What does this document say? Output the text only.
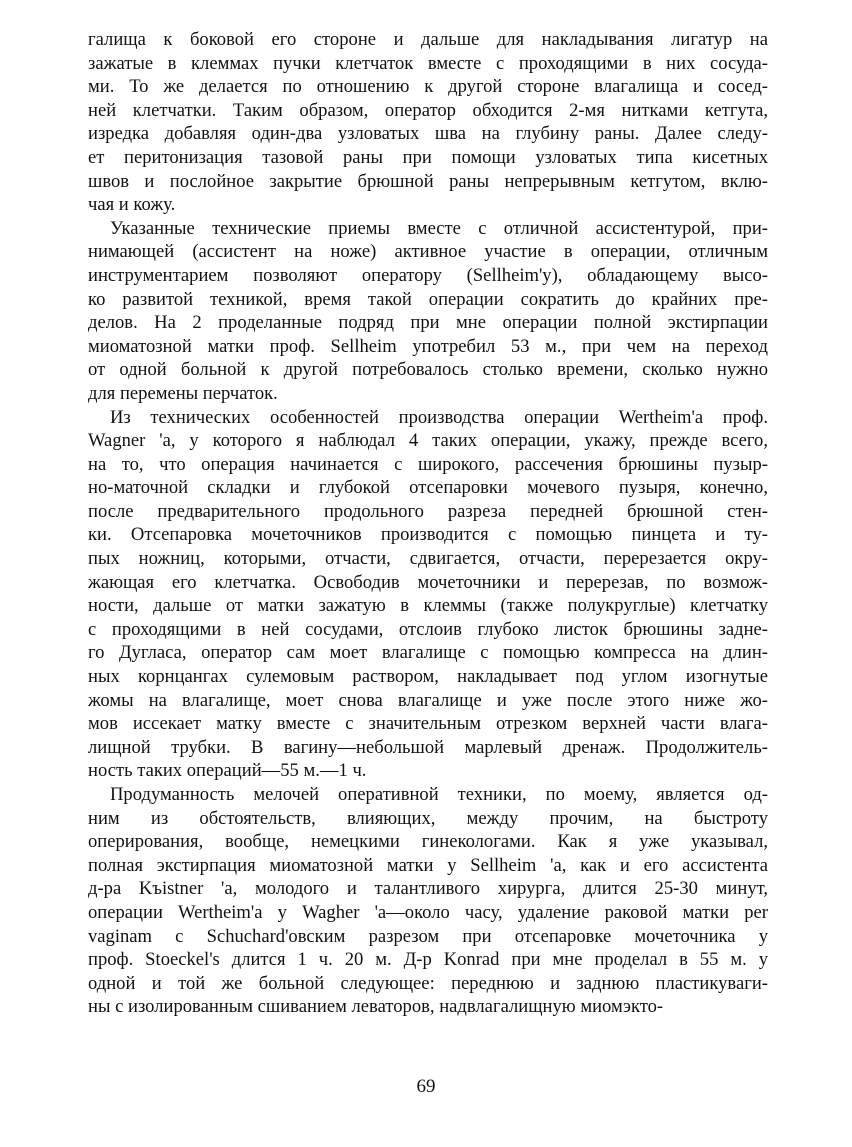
галища к боковой его стороне и дальше для накладывания лигатур на
зажатые в клеммах пучки клетчаток вместе с проходящими в них сосуда-
ми. То же делается по отношению к другой стороне влагалища и сосед-
ней клетчатки. Таким образом, оператор обходится 2-мя нитками кетгута,
изредка добавляя один-два узловатых шва на глубину раны. Далее следу-
ет перитонизация тазовой раны при помощи узловатых типа кисетных
швов и послойное закрытие брюшной раны непрерывным кетгутом, вклю-
чая и кожу.
Указанные технические приемы вместе с отличной ассистентурой, при-
нимающей (ассистент на ноже) активное участие в операции, отличным
инструментарием позволяют оператору (Sellheim'y), обладающему высо-
ко развитой техникой, время такой операции сократить до крайних пре-
делов. На 2 проделанные подряд при мне операции полной экстирпации
миоматозной матки проф. Sellheim употребил 53 м., при чем на переход
от одной больной к другой потребовалось столько времени, сколько нужно
для перемены перчаток.
Из технических особенностей производства операции Wertheim'a проф.
Wagner 'a, у которого я наблюдал 4 таких операции, укажу, прежде всего,
на то, что операция начинается с широкого, рассечения брюшины пузыр-
но-маточной складки и глубокой отсепаровки мочевого пузыря, конечно,
после предварительного продольного разреза передней брюшной стен-
ки. Отсепаровка мочеточников производится с помощью пинцета и ту-
пых ножниц, которыми, отчасти, сдвигается, отчасти, перерезается окру-
жающая его клетчатка. Освободив мочеточники и перерезав, по возмож-
ности, дальше от матки зажатую в клеммы (также полукруглые) клетчатку
с проходящими в ней сосудами, отслоив глубоко листок брюшины задне-
го Дугласа, оператор сам моет влагалище с помощью компресса на длин-
ных корнцангах сулемовым раствором, накладывает под углом изогнутые
жомы на влагалище, моет снова влагалище и уже после этого ниже жо-
мов иссекает матку вместе с значительным отрезком верхней части влага-
лищной трубки. В вагину—небольшой марлевый дренаж. Продолжитель-
ность таких операций—55 м.—1 ч.
Продуманность мелочей оперативной техники, по моему, является од-
ним из обстоятельств, влияющих, между прочим, на быстроту
оперирования, вообще, немецкими гинекологами. Как я уже указывал,
полная экстирпация миоматозной матки у Sellheim 'a, как и его ассистента
д-ра Kъistner 'a, молодого и талантливого хирурга, длится 25-30 минут,
операции Wertheim'a у Wagher 'a—около часу, удаление раковой матки per
vaginam с Schuchard'овским разрезом при отсепаровке мочеточника у
проф. Stoeckel's длится 1 ч. 20 м. Д-р Konrad при мне проделал в 55 м. у
одной и той же больной следующее: переднюю и заднюю пластикуваги-
ны с изолированным сшиванием леваторов, надвлагалищную миомэкто-
69
